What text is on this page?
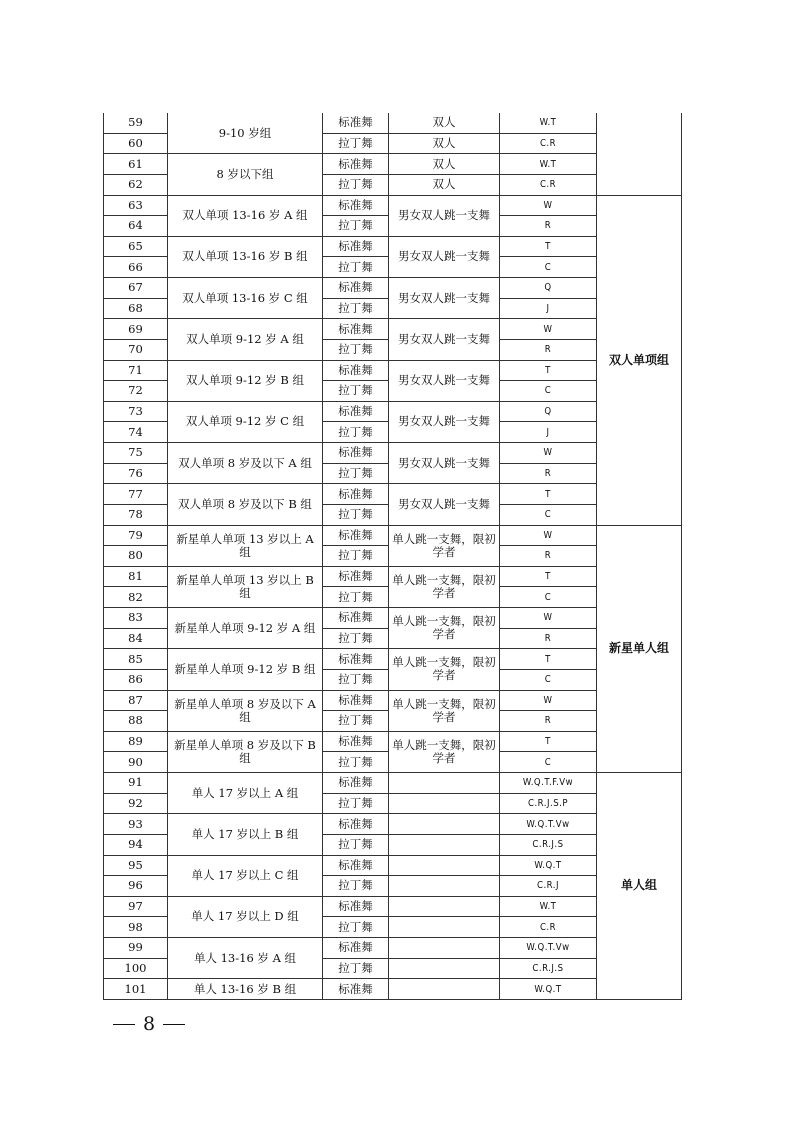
59	9-10 岁组	标准舞	双人	W.T	
60		拉丁舞	双人	C.R	
61	8 岁以下组	标准舞	双人	W.T	
62		拉丁舞	双人	C.R	
63	双人单项 13-16 岁 A 组	标准舞	男女双人跳一支舞	W	双人单项组
64		拉丁舞		R	
65	双人单项 13-16 岁 B 组	标准舞	男女双人跳一支舞	T	
66		拉丁舞		C	
67	双人单项 13-16 岁 C 组	标准舞	男女双人跳一支舞	Q	
68		拉丁舞		J	
69	双人单项 9-12 岁 A 组	标准舞	男女双人跳一支舞	W	
70		拉丁舞		R	
71	双人单项 9-12 岁 B 组	标准舞	男女双人跳一支舞	T	
72		拉丁舞		C	
73	双人单项 9-12 岁 C 组	标准舞	男女双人跳一支舞	Q	
74		拉丁舞		J	
75	双人单项 8 岁及以下 A 组	标准舞	男女双人跳一支舞	W	
76		拉丁舞		R	
77	双人单项 8 岁及以下 B 组	标准舞	男女双人跳一支舞	T	
78		拉丁舞		C	
79	新星单人单项 13 岁以上 A 组	标准舞	单人跳一支舞，限初学者	W	新星单人组
80		拉丁舞		R	
81	新星单人单项 13 岁以上 B 组	标准舞	单人跳一支舞，限初学者	T	
82		拉丁舞		C	
83	新星单人单项 9-12 岁 A 组	标准舞	单人跳一支舞，限初学者	W	
84		拉丁舞		R	
85	新星单人单项 9-12 岁 B 组	标准舞	单人跳一支舞，限初学者	T	
86		拉丁舞		C	
87	新星单人单项 8 岁及以下 A 组	标准舞	单人跳一支舞，限初学者	W	
88		拉丁舞		R	
89	新星单人单项 8 岁及以下 B 组	标准舞	单人跳一支舞，限初学者	T	
90		拉丁舞		C	
91	单人 17 岁以上 A 组	标准舞		W.Q.T.F.Vw	单人组
92		拉丁舞		C.R.J.S.P	
93	单人 17 岁以上 B 组	标准舞		W.Q.T.Vw	
94		拉丁舞		C.R.J.S	
95	单人 17 岁以上 C 组	标准舞		W.Q.T	
96		拉丁舞		C.R.J	
97	单人 17 岁以上 D 组	标准舞		W.T	
98		拉丁舞		C.R	
99	单人 13-16 岁 A 组	标准舞		W.Q.T.Vw	
100		拉丁舞		C.R.J.S	
101	单人 13-16 岁 B 组	标准舞		W.Q.T	
8
